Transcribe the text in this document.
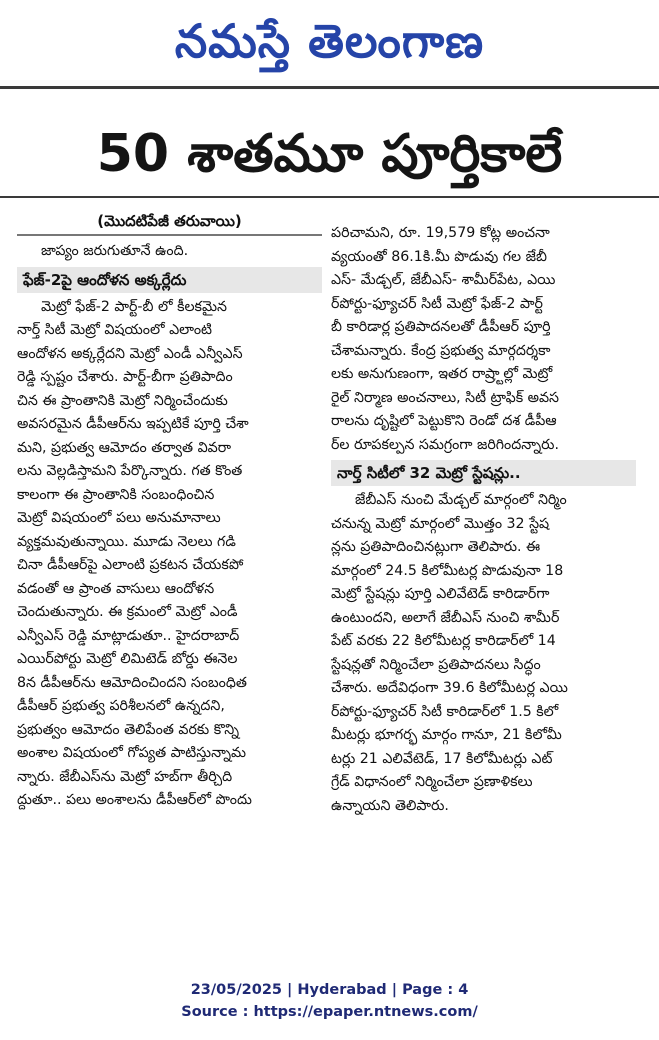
నమస్తే తెలంగాణ
50 శాతమూ పూర్తికాలే
(మొదటిపేజీ తరువాయి)
జాప్యం జరుగుతూనే ఉంది.
ఫేజ్‌-2పై ఆందోళన అక్కర్లేదు
మెట్రో ఫేజ్‌-2 పార్ట్‌-బీ లో కీలకమైన
నార్త్‌ సిటీ మెట్రో విషయంలో ఎలాంటి
ఆందోళన అక్కర్లేదని మెట్రో ఎండీ ఎన్వీఎస్‌
రెడ్డి స్పష్టం చేశారు. పార్ట్‌-బీగా ప్రతిపాదిం
చిన ఈ ప్రాంతానికి మెట్రో నిర్మించేందుకు
అవసరమైన డీపీఆర్‌ను ఇప్పటికే పూర్తి చేశా
మని, ప్రభుత్వ ఆమోదం తర్వాత వివరా
లను వెల్లడిస్తామని పేర్కొన్నారు. గత కొంత
కాలంగా ఈ ప్రాంతానికి సంబంధించిన
మెట్రో విషయంలో పలు అనుమానాలు
వ్యక్తమవుతున్నాయి. మూడు నెలలు గడి
చినా డీపీఆర్‌పై ఎలాంటి ప్రకటన చేయకపో
వడంతో ఆ ప్రాంత వాసులు ఆందోళన
చెందుతున్నారు. ఈ క్రమంలో మెట్రో ఎండీ
ఎన్వీఎస్‌ రెడ్డి మాట్లాడుతూ.. హైదరాబాద్‌
ఎయిర్‌పోర్టు మెట్రో లిమిటెడ్‌ బోర్డు ఈనెల
8న డీపీఆర్‌ను ఆమోదించిందని సంబంధిత
డీపీఆర్‌ ప్రభుత్వ పరిశీలనలో ఉన్నదని,
ప్రభుత్వం ఆమోదం తెలిపేంత వరకు కొన్ని
అంశాల విషయంలో గోప్యత పాటిస్తున్నామ
న్నారు. జేబీఎస్‌ను మెట్రో హబ్‌గా తీర్చిది
ద్దుతూ.. పలు అంశాలను డీపీఆర్‌లో పొందు
పరిచామని, రూ. 19,579 కోట్ల అంచనా
వ్యయంతో 86.1కి.మీ పొడువు గల జేబీ
ఎస్‌- మేడ్చల్‌, జేబీఎస్‌- శామీర్‌పేట, ఎయి
ర్‌పోర్టు-ఫ్యూచర్‌ సిటీ మెట్రో ఫేజ్‌-2 పార్ట్‌
బీ కారిడార్ల ప్రతిపాదనలతో డీపీఆర్‌ పూర్తి
చేశామన్నారు. కేంద్ర ప్రభుత్వ మార్గదర్శకా
లకు అనుగుణంగా, ఇతర రాష్ర్టాల్లో మెట్రో
రైల్‌ నిర్మాణ అంచనాలు, సిటీ ట్రాఫిక్‌ అవస
రాలను దృష్టిలో పెట్టుకొని రెండో దశ డీపీఆ
ర్‌ల రూపకల్పన సమగ్రంగా జరిగిందన్నారు.
నార్త్‌ సిటీలో 32 మెట్రో స్టేషన్లు..
జేబీఎస్‌ నుంచి మేడ్చల్‌ మార్గంలో నిర్మిం
చనున్న మెట్రో మార్గంలో మొత్తం 32 స్టేష
న్లను ప్రతిపాదించినట్లుగా తెలిపారు. ఈ
మార్గంలో 24.5 కిలోమీటర్ల పొడువునా 18
మెట్రో స్టేషన్లు పూర్తి ఎలివేటెడ్‌ కారిడార్‌గా
ఉంటుందని, అలాగే జేబీఎస్‌ నుంచి శామీర్‌
పేట్‌ వరకు 22 కిలోమీటర్ల కారిడార్‌లో 14
స్టేషన్లతో నిర్మించేలా ప్రతిపాదనలు సిద్ధం
చేశారు. అదేవిధంగా 39.6 కిలోమీటర్ల ఎయి
ర్‌పోర్టు-ఫ్యూచర్‌ సిటీ కారిడార్‌లో 1.5 కిలో
మీటర్లు భూగర్భ మార్గం గానూ, 21 కిలోమీ
టర్లు 21 ఎలివేటెడ్‌, 17 కిలోమీటర్లు ఎట్‌
గ్రేడ్‌ విధానంలో నిర్మించేలా ప్రణాళికలు
ఉన్నాయని తెలిపారు.
23/05/2025 | Hyderabad | Page : 4
Source : https://epaper.ntnews.com/
